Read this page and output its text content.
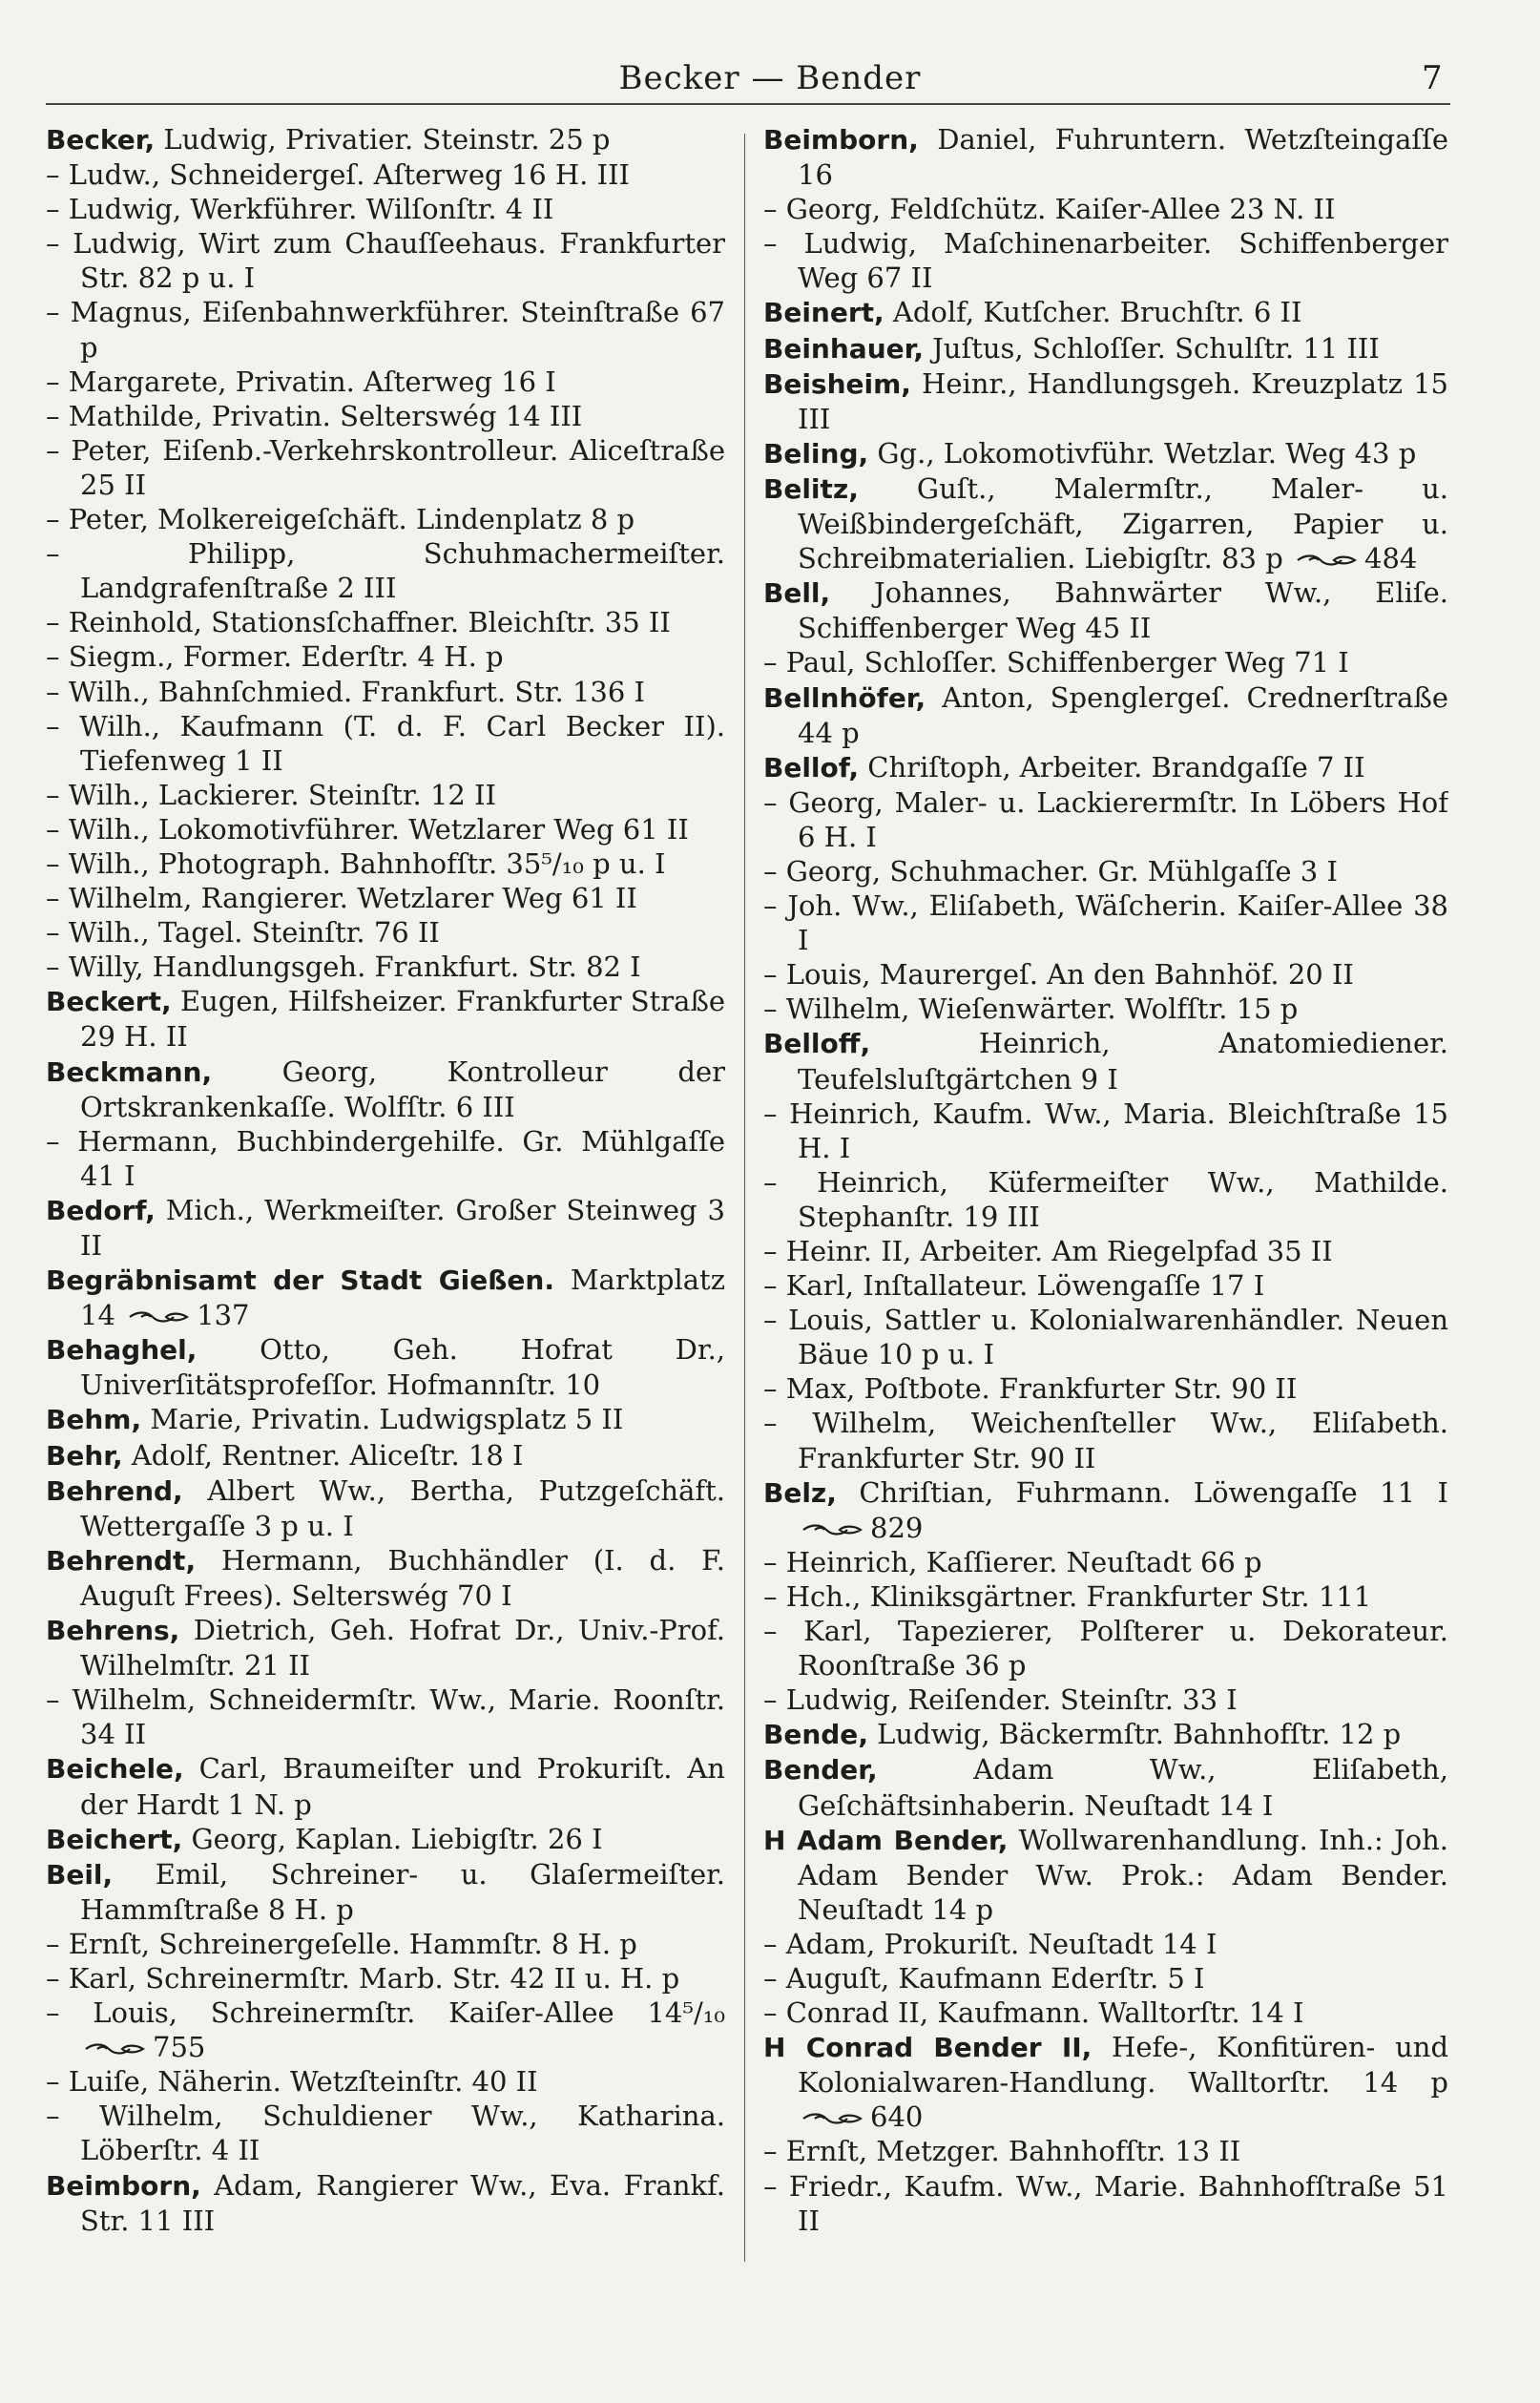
Becker — Bender	7
Becker , Ludwig, Privatier. Steinstr. 25 p
– Ludw., Schneidergeſ. Aſterweg 16 H. III
– Ludwig, Werkführer. Wilſonſtr. 4 II
– Ludwig, Wirt zum Chauſſeehaus. Frankfurter Str. 82 p u. I
– Magnus, Eiſenbahnwerkführer. Steinſtraße 67 p
– Margarete, Privatin. Aſterweg 16 I
– Mathilde, Privatin. Selterswég 14 III
– Peter, Eiſenb.-Verkehrskontrolleur. Aliceſtraße 25 II
– Peter, Molkereigeſchäft. Lindenplatz 8 p
– Philipp, Schuhmachermeiſter. Landgrafenſtraße 2 III
– Reinhold, Stationsſchaffner. Bleichſtr. 35 II
– Siegm., Former. Ederſtr. 4 H. p
– Wilh., Bahnſchmied. Frankfurt. Str. 136 I
– Wilh., Kaufmann (T. d. F. Carl Becker II). Tiefenweg 1 II
– Wilh., Lackierer. Steinſtr. 12 II
– Wilh., Lokomotivführer. Wetzlarer Weg 61 II
– Wilh., Photograph. Bahnhofſtr. 35⁵/₁₀ p u. I
– Wilhelm, Rangierer. Wetzlarer Weg 61 II
– Wilh., Tagel. Steinſtr. 76 II
– Willy, Handlungsgeh. Frankfurt. Str. 82 I
Beckert , Eugen, Hilfsheizer. Frankfurter Straße 29 H. II
Beckmann ,	Georg, Kontrolleur der Ortskrankenkaſſe. Wolfſtr. 6 III
– Hermann, Buchbindergehilfe. Gr. Mühlgaſſe 41 I
Bedorf , Mich., Werkmeiſter. Großer Steinweg 3 II
Begräbnisamt der Stadt Gießen. Marktplatz 14	137
Behaghel ,	Otto, Geh. Hofrat Dr., Univerſitätsprofeſſor. Hofmannſtr. 10
Behm , Marie, Privatin. Ludwigsplatz 5 II
Behr , Adolf, Rentner. Aliceſtr. 18 I
Behrend , Albert Ww., Bertha, Putzgeſchäft. Wettergaſſe 3 p u. I
Behrendt , Hermann, Buchhändler (I. d. F. Auguſt Frees). Selterswég 70 I
Behrens , Dietrich, Geh. Hofrat Dr., Univ.-Prof. Wilhelmſtr. 21 II
– Wilhelm, Schneidermſtr. Ww., Marie. Roonſtr. 34 II
Beichele , Carl, Braumeiſter und Prokuriſt. An der Hardt 1 N. p
Beichert , Georg, Kaplan. Liebigſtr. 26 I
Beil , Emil, Schreiner- u. Glaſermeiſter. Hammſtraße 8 H. p
– Ernſt, Schreinergeſelle. Hammſtr. 8 H. p
– Karl, Schreinermſtr. Marb. Str. 42 II u. H. p
– Louis, Schreinermſtr. Kaiſer-Allee 14⁵/₁₀ 755
– Luiſe, Näherin. Wetzſteinſtr. 40 II
– Wilhelm, Schuldiener Ww., Katharina. Löberſtr. 4 II
Beimborn , Adam, Rangierer Ww., Eva. Frankf. Str. 11 III
Beimborn , Daniel, Fuhruntern. Wetzſteingaſſe 16
– Georg, Feldſchütz. Kaiſer-Allee 23 N. II
– Ludwig, Maſchinenarbeiter. Schiffenberger Weg 67 II
Beinert , Adolf, Kutſcher. Bruchſtr. 6 II
Beinhauer , Juſtus, Schloſſer. Schulſtr. 11 III
Beisheim , Heinr., Handlungsgeh. Kreuzplatz 15 III
Beling , Gg., Lokomotivführ. Wetzlar. Weg 43 p
Belitz , Guſt., Malermſtr., Maler- u. Weißbindergeſchäft, Zigarren, Papier u. Schreibmaterialien. Liebigſtr. 83 p	484
Bell , Johannes, Bahnwärter Ww., Eliſe. Schiffenberger Weg 45 II
– Paul, Schloſſer. Schiffenberger Weg 71 I
Bellnhöfer , Anton, Spenglergeſ. Crednerſtraße 44 p
Bellof , Chriſtoph, Arbeiter. Brandgaſſe 7 II
– Georg, Maler- u. Lackierermſtr. In Löbers Hof 6 H. I
– Georg, Schuhmacher. Gr. Mühlgaſſe 3 I
– Joh. Ww., Eliſabeth, Wäſcherin. Kaiſer-Allee 38 I
– Louis, Maurergeſ. An den Bahnhöf. 20 II
– Wilhelm, Wieſenwärter. Wolfſtr. 15 p
Belloff ,	Heinrich, Anatomiediener. Teufelsluſtgärtchen 9 I
– Heinrich, Kaufm. Ww., Maria. Bleichſtraße 15 H. I
– Heinrich, Küfermeiſter Ww., Mathilde. Stephanſtr. 19 III
– Heinr. II, Arbeiter. Am Riegelpfad 35 II
– Karl, Inſtallateur. Löwengaſſe 17 I
– Louis, Sattler u. Kolonialwarenhändler. Neuen Bäue 10 p u. I
– Max, Poſtbote. Frankfurter Str. 90 II
– Wilhelm, Weichenſteller Ww., Eliſabeth. Frankfurter Str. 90 II
Belz , Chriſtian, Fuhrmann. Löwengaſſe 11 I 829
– Heinrich, Kaſſierer. Neuſtadt 66 p
– Hch., Kliniksgärtner. Frankfurter Str. 111
– Karl, Tapezierer, Polſterer u. Dekorateur. Roonſtraße 36 p
– Ludwig, Reiſender. Steinſtr. 33 I
Bende , Ludwig, Bäckermſtr. Bahnhofſtr. 12 p
Bender ,	Adam Ww., Eliſabeth, Geſchäftsinhaberin. Neuſtadt 14 I
H Adam Bender , Wollwarenhandlung. Inh.: Joh. Adam Bender Ww. Prok.: Adam Bender. Neuſtadt 14 p
– Adam, Prokuriſt. Neuſtadt 14 I
– Auguſt, Kaufmann Ederſtr. 5 I
– Conrad II, Kaufmann. Walltorſtr. 14 I
H Conrad Bender II , Hefe-, Konfitüren- und Kolonialwaren-Handlung. Walltorſtr. 14 p 640
– Ernſt, Metzger. Bahnhofſtr. 13 II
– Friedr., Kaufm. Ww., Marie. Bahnhofſtraße 51 II
